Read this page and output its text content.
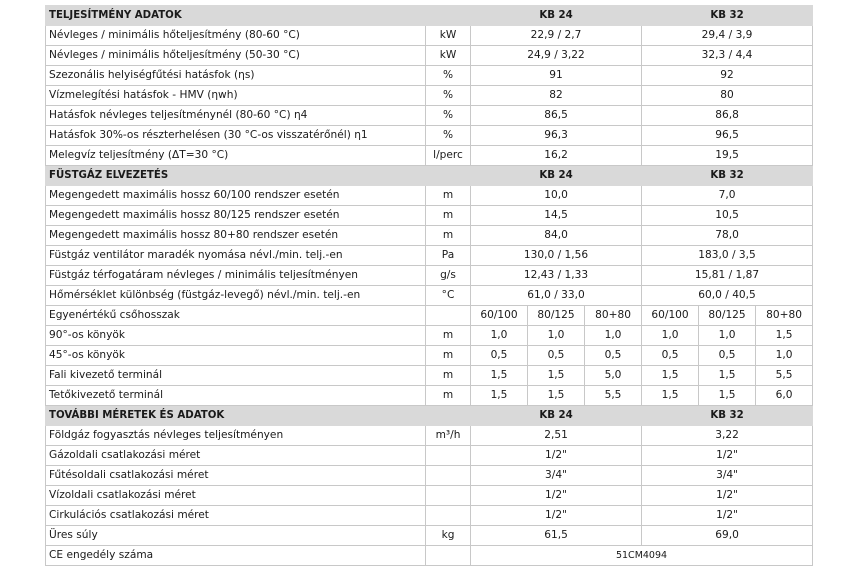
TELJESÍTMÉNY ADATOK		KB 24			KB 32		
Névleges / minimális hőteljesítmény (80-60 °C)	kW	22,9 / 2,7			29,4 / 3,9		
Névleges / minimális hőteljesítmény (50-30 °C)	kW	24,9 / 3,22			32,3 / 4,4		
Szezonális helyiségfűtési hatásfok (ηs)	%	91			92		
Vízmelegítési hatásfok - HMV (ηwh)	%	82			80		
Hatásfok névleges teljesítménynél (80-60 °C) η4	%	86,5			86,8		
Hatásfok 30%-os részterhelésen (30 °C-os visszatérőnél) η1	%	96,3			96,5		
Melegvíz teljesítmény (ΔT=30 °C)	l/perc	16,2			19,5		
FÜSTGÁZ ELVEZETÉS		KB 24			KB 32		
Megengedett maximális hossz 60/100 rendszer esetén	m	10,0			7,0		
Megengedett maximális hossz 80/125 rendszer esetén	m	14,5			10,5		
Megengedett maximális hossz 80+80 rendszer esetén	m	84,0			78,0		
Füstgáz ventilátor maradék nyomása névl./min. telj.-en	Pa	130,0 / 1,56			183,0 / 3,5		
Füstgáz térfogatáram névleges / minimális teljesítményen	g/s	12,43 / 1,33			15,81 / 1,87		
Hőmérséklet különbség (füstgáz-levegő) névl./min. telj.-en	°C	61,0 / 33,0			60,0 / 40,5		
Egyenértékű csőhosszak		60/100	80/125	80+80	60/100	80/125	80+80
90°-os könyök	m	1,0	1,0	1,0	1,0	1,0	1,5
45°-os könyök	m	0,5	0,5	0,5	0,5	0,5	1,0
Fali kivezető terminál	m	1,5	1,5	5,0	1,5	1,5	5,5
Tetőkivezető terminál	m	1,5	1,5	5,5	1,5	1,5	6,0
TOVÁBBI MÉRETEK ÉS ADATOK		KB 24			KB 32		
Földgáz fogyasztás névleges teljesítményen	m³/h	2,51			3,22		
Gázoldali csatlakozási méret		1/2"			1/2"		
Fűtésoldali csatlakozási méret		3/4"			3/4"		
Vízoldali csatlakozási méret		1/2"			1/2"		
Cirkulációs csatlakozási méret		1/2"			1/2"		
Üres súly	kg	61,5			69,0		
CE engedély száma		51CM4094					
